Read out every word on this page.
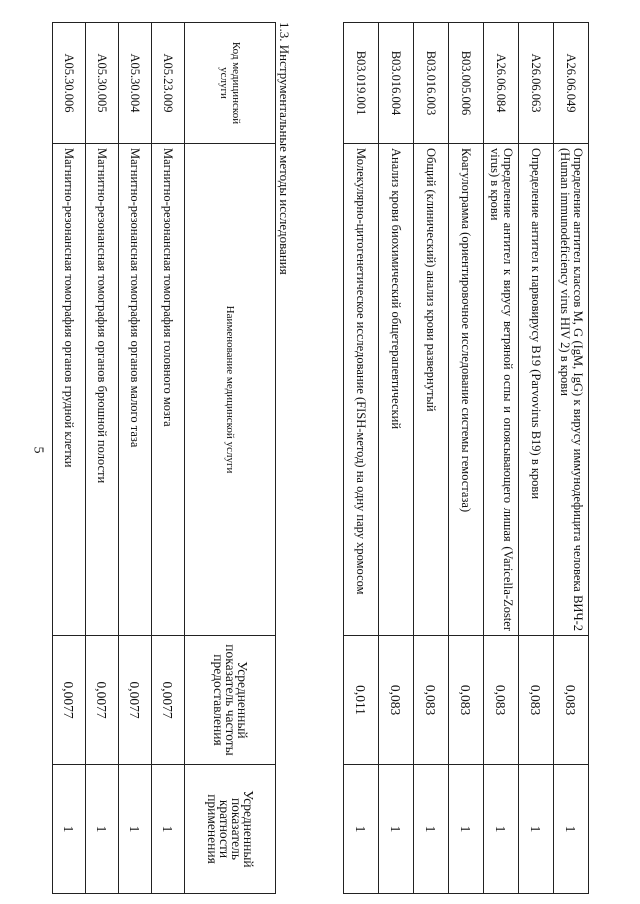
5

A26.06.049	Определение антител классов M, G (IgM, IgG) к вирусу иммунодефицита человека ВИЧ-2 (Human immunodeficiency virus HIV 2) в крови	0,083	1
A26.06.063	Определение антител к парвовирусу В19 (Parvovirus B19) в крови	0,083	1
A26.06.084	Определение антител к вирусу ветряной оспы и опоясывающего лишая (Varicella-Zoster virus) в крови	0,083	1
B03.005.006	Коагулограмма (ориентировочное исследование системы гемостаза)	0,083	1
B03.016.003	Общий (клинический) анализ крови развернутый	0,083	1
B03.016.004	Анализ крови биохимический общетерапевтический	0,083	1
B03.019.001	Молекулярно-цитогенетическое исследование (FISH-метод) на одну пару хромосом	0,011	1

1.3. Инструментальные методы исследования

Код медицинской услуги	Наименование медицинской услуги	Усредненный показатель частоты предоставления	Усредненный показатель кратности применения
A05.23.009	Магнитно-резонансная томография головного мозга	0,0077	1
A05.30.004	Магнитно-резонансная томография органов малого таза	0,0077	1
A05.30.005	Магнитно-резонансная томография органов брюшной полости	0,0077	1
A05.30.006	Магнитно-резонансная томография органов грудной клетки	0,0077	1
